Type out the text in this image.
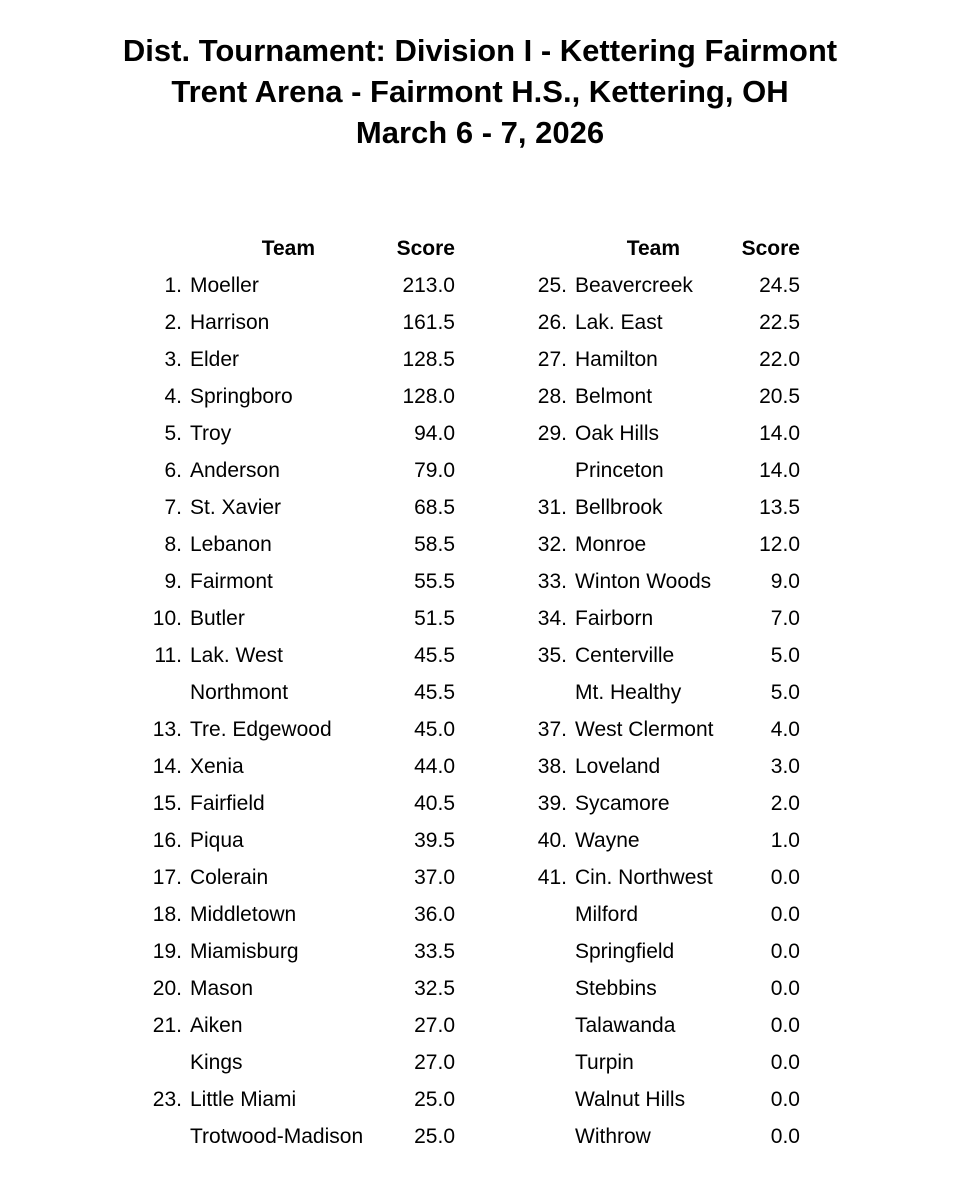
Dist. Tournament: Division I - Kettering Fairmont
Trent Arena - Fairmont H.S., Kettering, OH
March 6 - 7, 2026
Team	Score
1. Moeller	213.0
2. Harrison	161.5
3. Elder	128.5
4. Springboro	128.0
5. Troy	94.0
6. Anderson	79.0
7. St. Xavier	68.5
8. Lebanon	58.5
9. Fairmont	55.5
10. Butler	51.5
11. Lak. West	45.5
Northmont	45.5
13. Tre. Edgewood	45.0
14. Xenia	44.0
15. Fairfield	40.5
16. Piqua	39.5
17. Colerain	37.0
18. Middletown	36.0
19. Miamisburg	33.5
20. Mason	32.5
21. Aiken	27.0
Kings	27.0
23. Little Miami	25.0
Trotwood-Madison 25.0
Team	Score
25. Beavercreek	24.5
26. Lak. East	22.5
27. Hamilton	22.0
28. Belmont	20.5
29. Oak Hills	14.0
Princeton	14.0
31. Bellbrook	13.5
32. Monroe	12.0
33. Winton Woods	9.0
34. Fairborn	7.0
35. Centerville	5.0
Mt. Healthy	5.0
37. West Clermont	4.0
38. Loveland	3.0
39. Sycamore	2.0
40. Wayne	1.0
41. Cin. Northwest	0.0
Milford	0.0
Springfield	0.0
Stebbins	0.0
Talawanda	0.0
Turpin	0.0
Walnut Hills	0.0
Withrow	0.0
